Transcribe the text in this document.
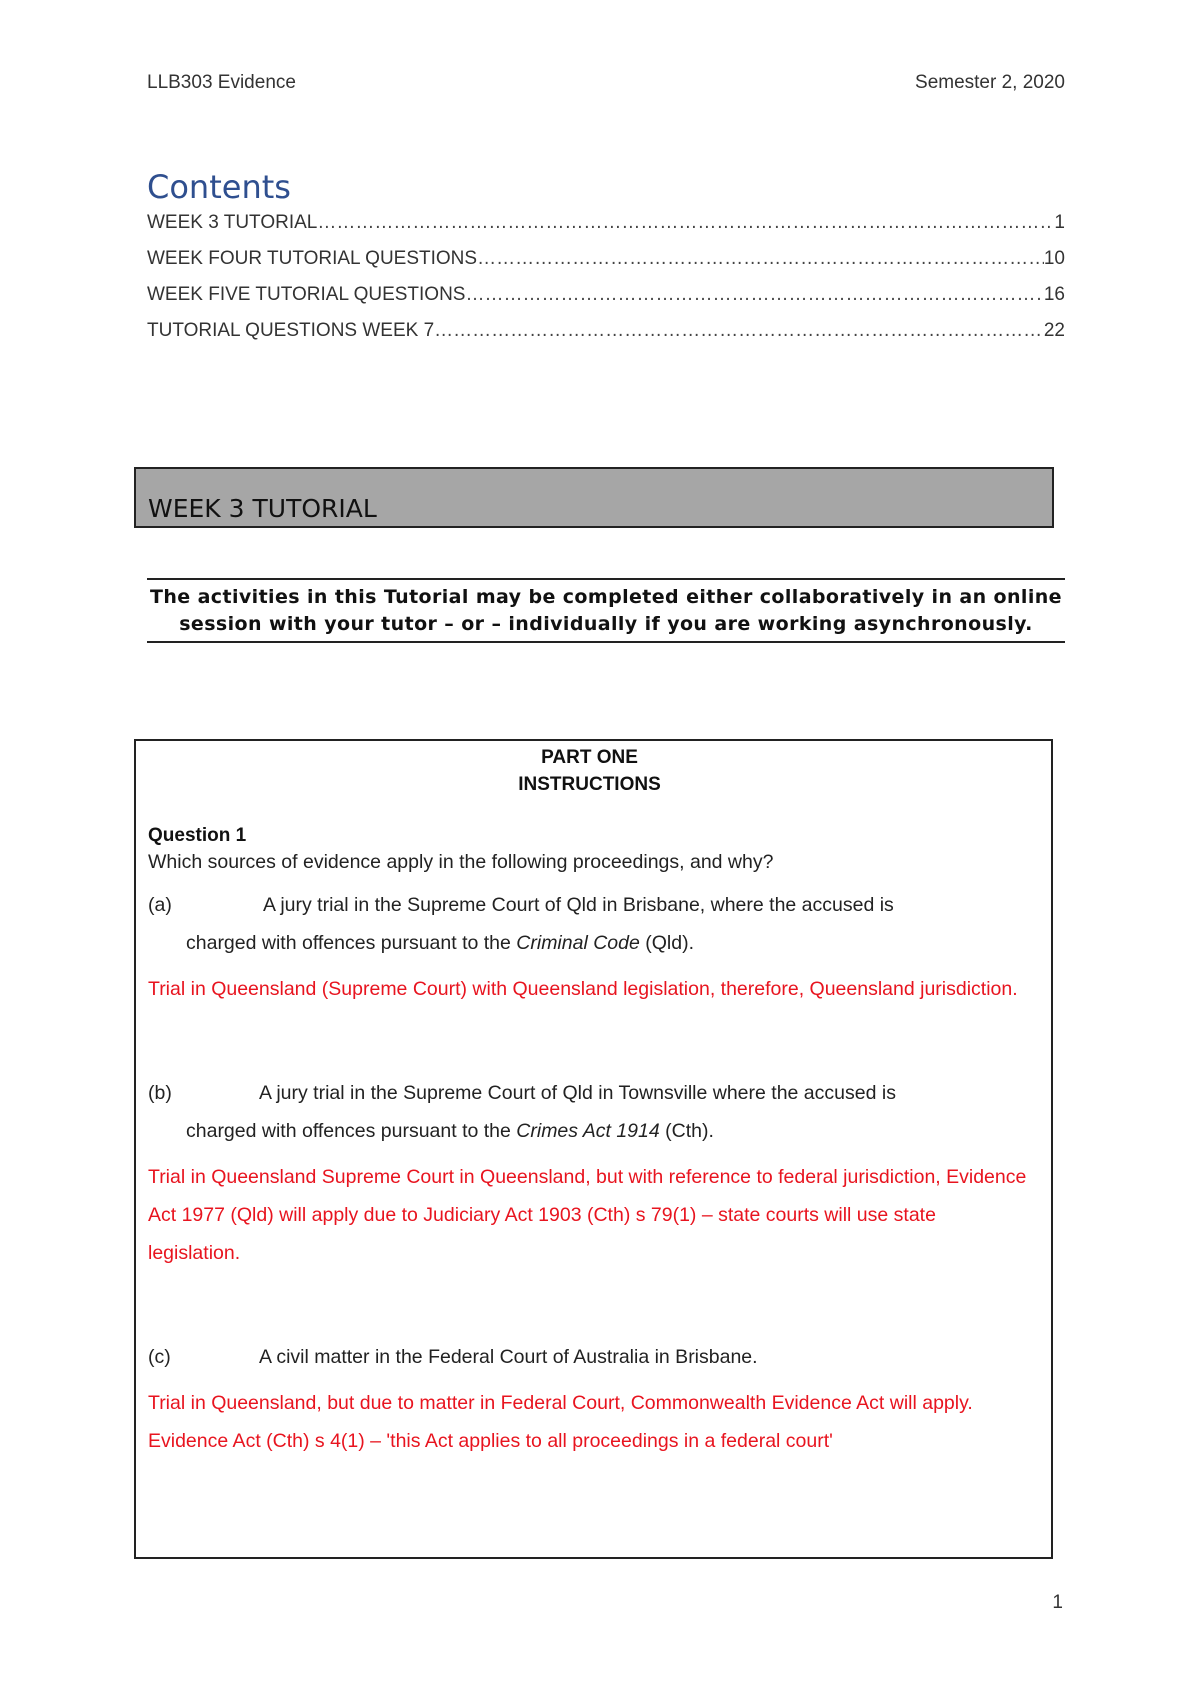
LLB303 Evidence	Semester 2, 2020
Contents
WEEK 3 TUTORIAL ……………………………………………………………………………………………………………………………………………………………………………………………………	1
WEEK FOUR TUTORIAL QUESTIONS ……………………………………………………………………………………………………………………………………………………………………………………………………	10
WEEK FIVE TUTORIAL QUESTIONS ……………………………………………………………………………………………………………………………………………………………………………………………………	16
TUTORIAL QUESTIONS WEEK 7 ……………………………………………………………………………………………………………………………………………………………………………………………………	22
WEEK 3 TUTORIAL
The activities in this Tutorial may be completed either collaboratively in an online
session with your tutor – or – individually if you are working asynchronously.
PART ONE
INSTRUCTIONS
Question 1
Which sources of evidence apply in the following proceedings, and why?
(a)	A jury trial in the Supreme Court of Qld in Brisbane, where the accused is
charged with offences pursuant to the Criminal Code (Qld).
Trial in Queensland (Supreme Court) with Queensland legislation, therefore, Queensland jurisdiction.
(b)	A jury trial in the Supreme Court of Qld in Townsville where the accused is
charged with offences pursuant to the Crimes Act 1914 (Cth).
Trial in Queensland Supreme Court in Queensland, but with reference to federal jurisdiction, Evidence Act 1977 (Qld) will apply due to Judiciary Act 1903 (Cth) s 79(1) – state courts will use state legislation.
(c)	A civil matter in the Federal Court of Australia in Brisbane.
Trial in Queensland, but due to matter in Federal Court, Commonwealth Evidence Act will apply. Evidence Act (Cth) s 4(1) – 'this Act applies to all proceedings in a federal court'
1
